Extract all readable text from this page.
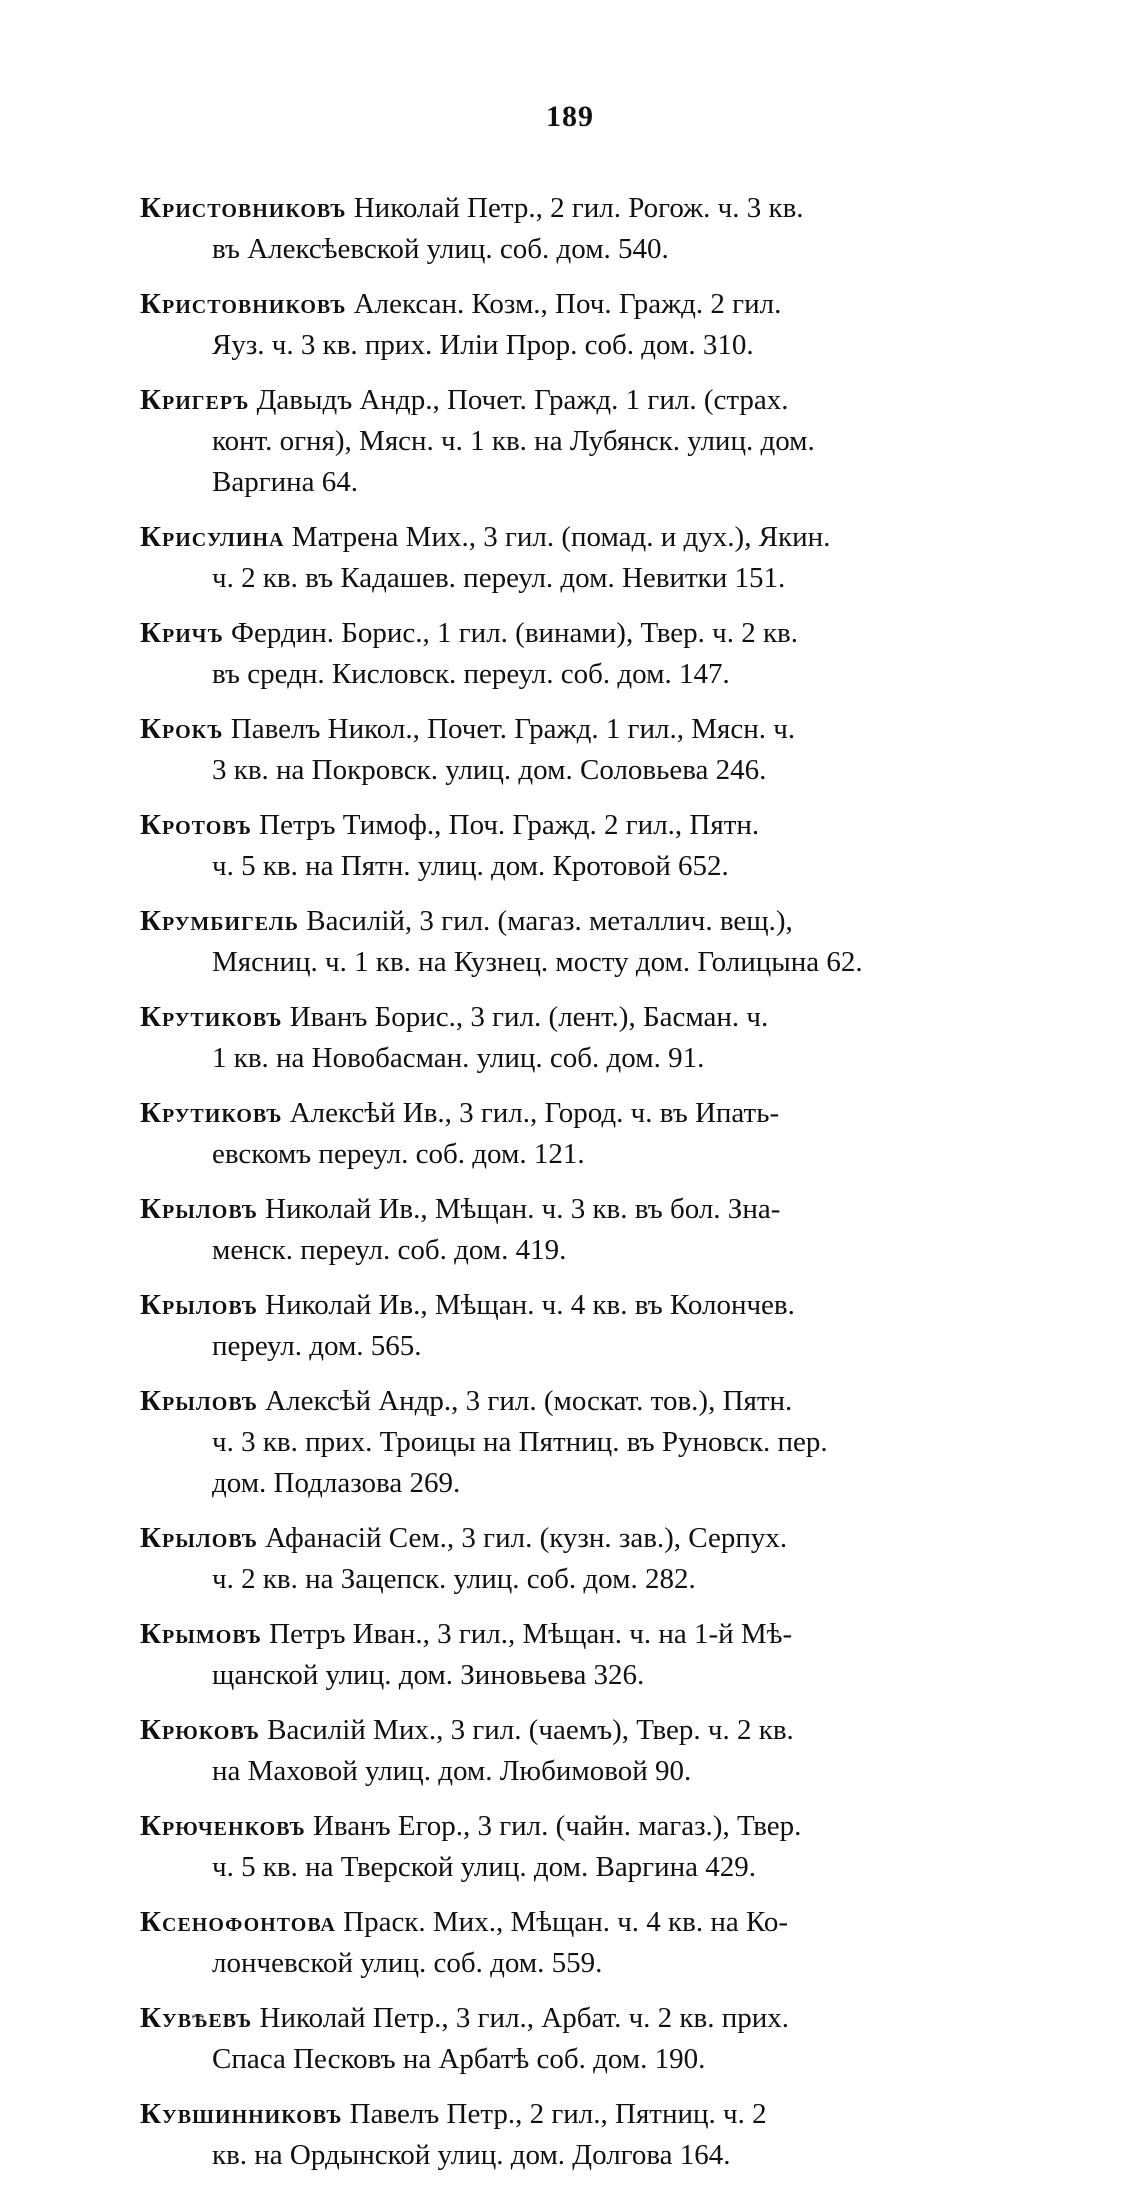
189
Кристовниковъ Николай Петр., 2 гил. Рогож. ч. 3 кв.
въ Алексѣевской улиц. соб. дом. 540.
Кристовниковъ Алексан. Козм., Поч. Гражд. 2 гил.
Яуз. ч. 3 кв. прих. Иліи Прор. соб. дом. 310.
Кригеръ Давыдъ Андр., Почет. Гражд. 1 гил. (страх.
конт. огня), Мясн. ч. 1 кв. на Лубянск. улиц. дом.
Варгина 64.
Крисулина Матрена Мих., 3 гил. (помад. и дух.), Якин.
ч. 2 кв. въ Кадашев. переул. дом. Невитки 151.
Кричъ Фердин. Борис., 1 гил. (винами), Твер. ч. 2 кв.
въ средн. Кисловск. переул. соб. дом. 147.
Крокъ Павелъ Никол., Почет. Гражд. 1 гил., Мясн. ч.
3 кв. на Покровск. улиц. дом. Соловьева 246.
Кротовъ Петръ Тимоф., Поч. Гражд. 2 гил., Пятн.
ч. 5 кв. на Пятн. улиц. дом. Кротовой 652.
Крумбигель Василій, 3 гил. (магаз. металлич. вещ.),
Мясниц. ч. 1 кв. на Кузнец. мосту дом. Голицына 62.
Крутиковъ Иванъ Борис., 3 гил. (лент.), Басман. ч.
1 кв. на Новобасман. улиц. соб. дом. 91.
Крутиковъ Алексѣй Ив., 3 гил., Город. ч. въ Ипать-
евскомъ переул. соб. дом. 121.
Крыловъ Николай Ив., Мѣщан. ч. 3 кв. въ бол. Зна-
менск. переул. соб. дом. 419.
Крыловъ Николай Ив., Мѣщан. ч. 4 кв. въ Колончев.
переул. дом. 565.
Крыловъ Алексѣй Андр., 3 гил. (москат. тов.), Пятн.
ч. 3 кв. прих. Троицы на Пятниц. въ Руновск. пер.
дом. Подлазова 269.
Крыловъ Афанасій Сем., 3 гил. (кузн. зав.), Серпух.
ч. 2 кв. на Зацепск. улиц. соб. дом. 282.
Крымовъ Петръ Иван., 3 гил., Мѣщан. ч. на 1-й Мѣ-
щанской улиц. дом. Зиновьева 326.
Крюковъ Василій Мих., 3 гил. (чаемъ), Твер. ч. 2 кв.
на Маховой улиц. дом. Любимовой 90.
Крюченковъ Иванъ Егор., 3 гил. (чайн. магаз.), Твер.
ч. 5 кв. на Тверской улиц. дом. Варгина 429.
Ксенофонтова Праск. Мих., Мѣщан. ч. 4 кв. на Ко-
лончевской улиц. соб. дом. 559.
Кувѣевъ Николай Петр., 3 гил., Арбат. ч. 2 кв. прих.
Спаса Песковъ на Арбатѣ соб. дом. 190.
Кувшинниковъ Павелъ Петр., 2 гил., Пятниц. ч. 2
кв. на Ордынской улиц. дом. Долгова 164.
